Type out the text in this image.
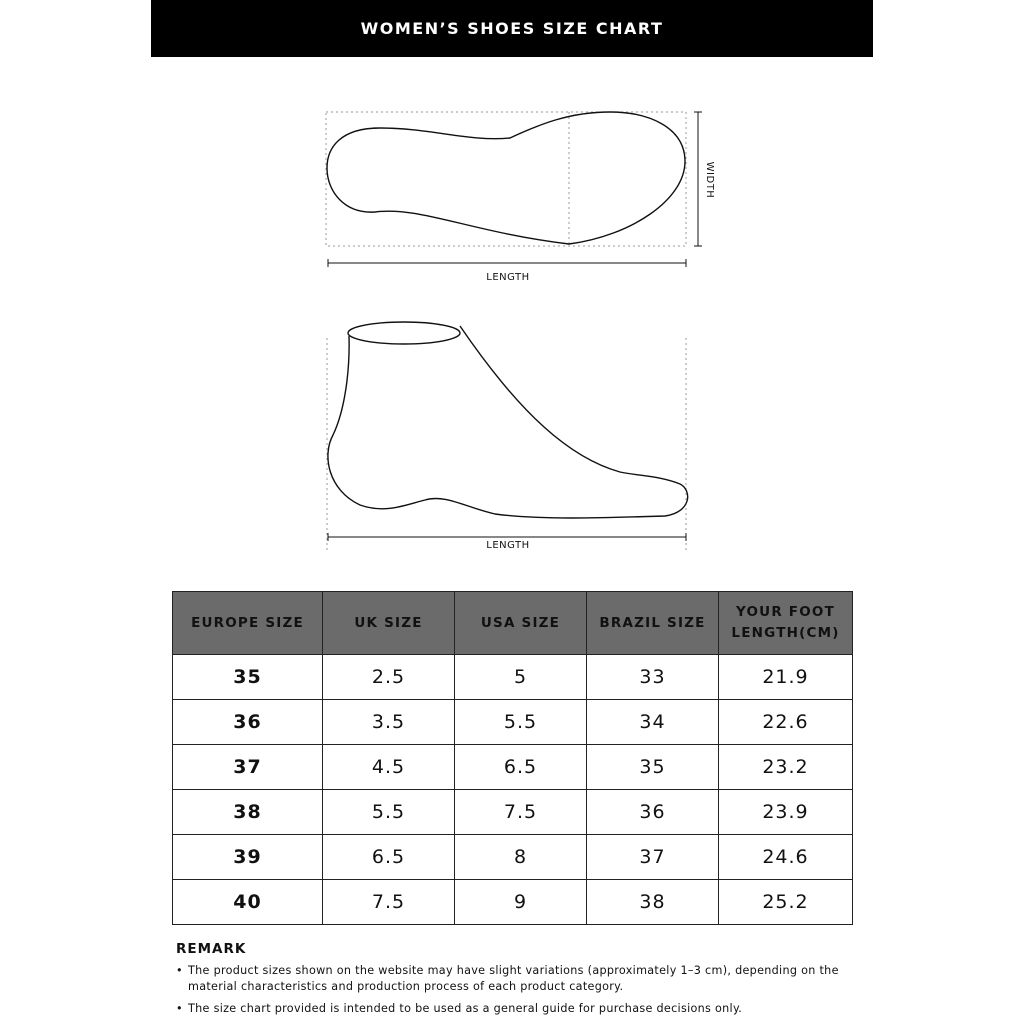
WOMEN’S SHOES SIZE CHART
LENGTH
WIDTH
LENGTH
EUROPE SIZE	UK SIZE	USA SIZE	BRAZIL SIZE	YOUR FOOT
LENGTH(CM)
35	2.5	5	33	21.9
36	3.5	5.5	34	22.6
37	4.5	6.5	35	23.2
38	5.5	7.5	36	23.9
39	6.5	8	37	24.6
40	7.5	9	38	25.2
REMARK
• The product sizes shown on the website may have slight variations (approximately 1–3 cm), depending on the material characteristics and production process of each product category.
• The size chart provided is intended to be used as a general guide for purchase decisions only.
